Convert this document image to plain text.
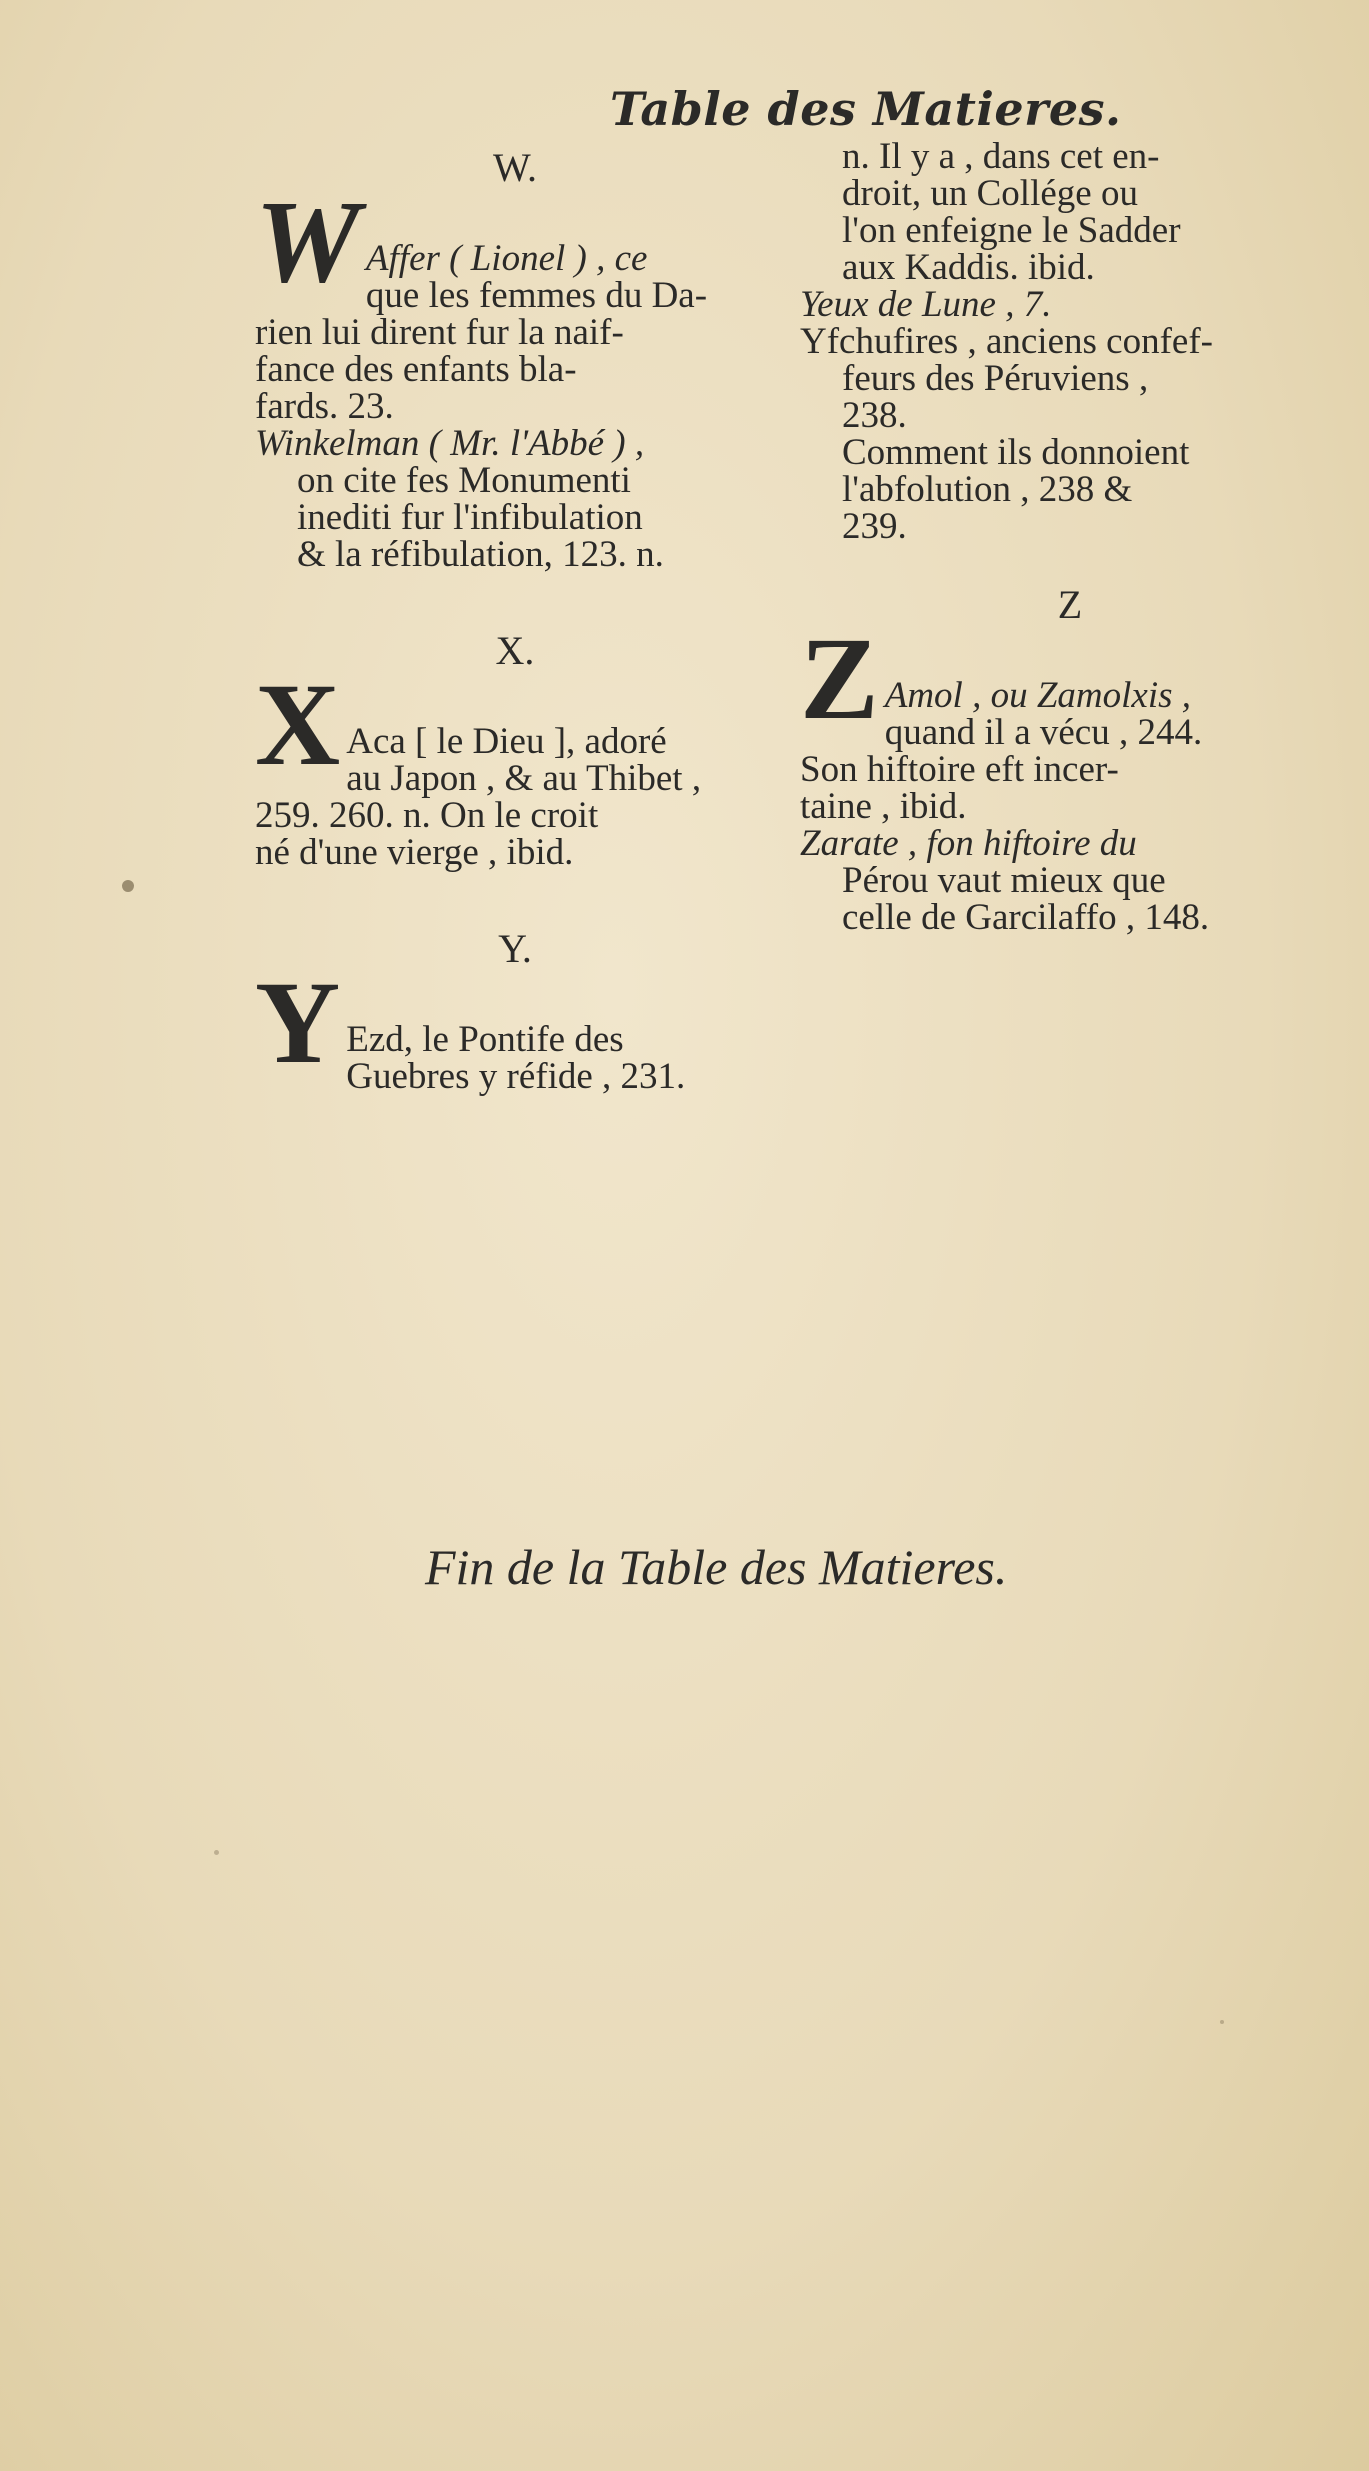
Table des Matieres.
W.
W Affer ( Lionel ) , ce
que les femmes du Da-
rien lui dirent fur la naif-
fance des enfants bla-
fards. 23.
Winkelman ( Mr. l'Abbé ) ,
on cite fes Monumenti
inediti fur l'infibulation
& la réfibulation, 123. n.
X.
X Aca [ le Dieu ], adoré
au Japon , & au Thibet ,
259. 260. n. On le croit
né d'une vierge , ibid.
Y.
Y Ezd, le Pontife des
Guebres y réfide , 231.
n. Il y a , dans cet en-
droit, un Collége ou
l'on enfeigne le Sadder
aux Kaddis. ibid.
Yeux de Lune , 7.
Yfchufires , anciens confef-
feurs des Péruviens ,
238.
Comment ils donnoient
l'abfolution , 238 &
239.
Z
Z Amol , ou Zamolxis ,
quand il a vécu , 244.
Son hiftoire eft incer-
taine , ibid.
Zarate , fon hiftoire du
Pérou vaut mieux que
celle de Garcilaffo , 148.
Fin de la Table des Matieres.
